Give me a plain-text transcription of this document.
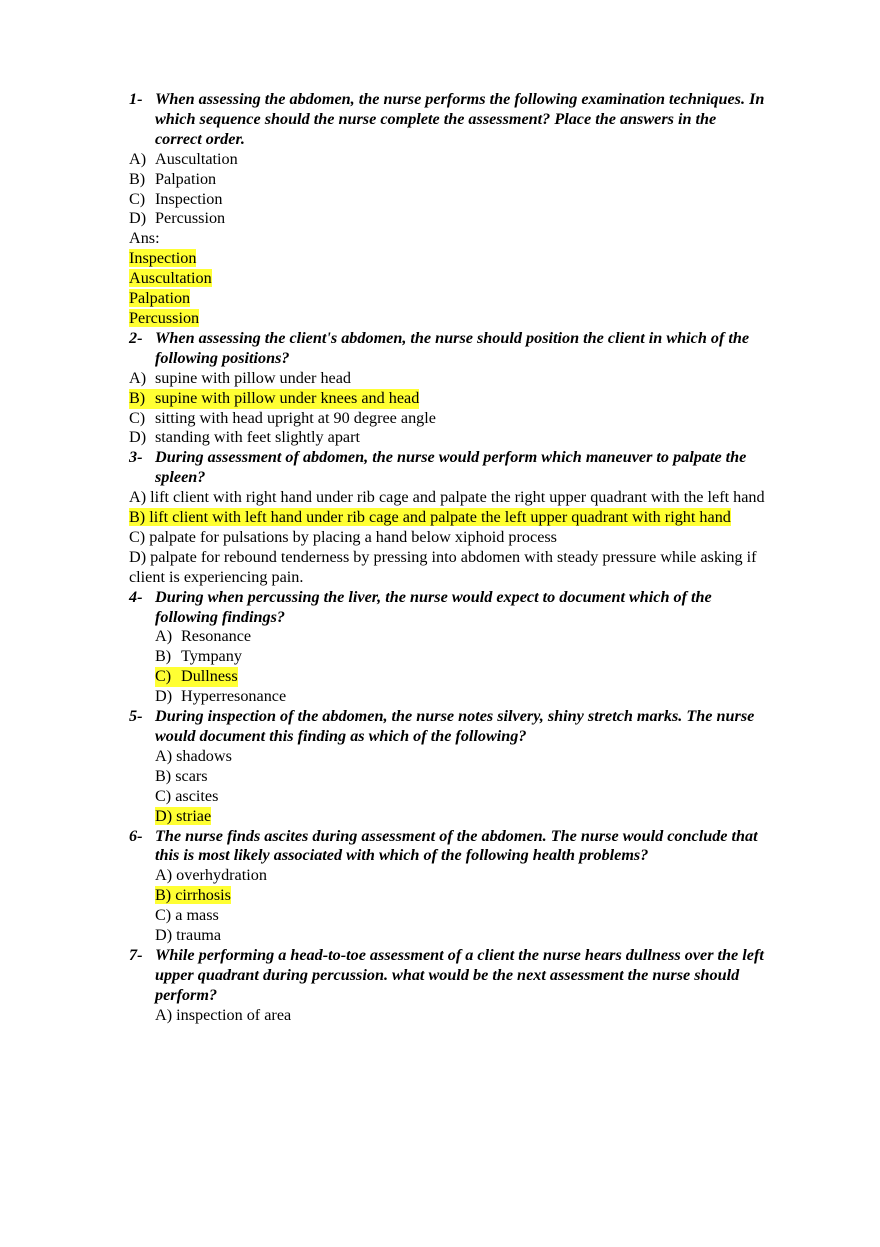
1- When assessing the abdomen, the nurse performs the following examination techniques. In
which sequence should the nurse complete the assessment? Place the answers in the
correct order.
A) Auscultation
B) Palpation
C) Inspection
D) Percussion
Ans:
Inspection
Auscultation
Palpation
Percussion
2- When assessing the client's abdomen, the nurse should position the client in which of the
following positions?
A) supine with pillow under head
B) supine with pillow under knees and head
C) sitting with head upright at 90 degree angle
D) standing with feet slightly apart
3- During assessment of abdomen, the nurse would perform which maneuver to palpate the
spleen?
A) lift client with right hand under rib cage and palpate the right upper quadrant with the left hand
B) lift client with left hand under rib cage and palpate the left upper quadrant with right hand
C) palpate for pulsations by placing a hand below xiphoid process
D) palpate for rebound tenderness by pressing into abdomen with steady pressure while asking if
client is experiencing pain.
4- During when percussing the liver, the nurse would expect to document which of the
following findings?
A) Resonance
B) Tympany
C) Dullness
D) Hyperresonance
5- During inspection of the abdomen, the nurse notes silvery, shiny stretch marks. The nurse
would document this finding as which of the following?
A) shadows
B) scars
C) ascites
D) striae
6- The nurse finds ascites during assessment of the abdomen. The nurse would conclude that
this is most likely associated with which of the following health problems?
A) overhydration
B) cirrhosis
C) a mass
D) trauma
7- While performing a head-to-toe assessment of a client the nurse hears dullness over the left
upper quadrant during percussion. what would be the next assessment the nurse should
perform?
A) inspection of area
